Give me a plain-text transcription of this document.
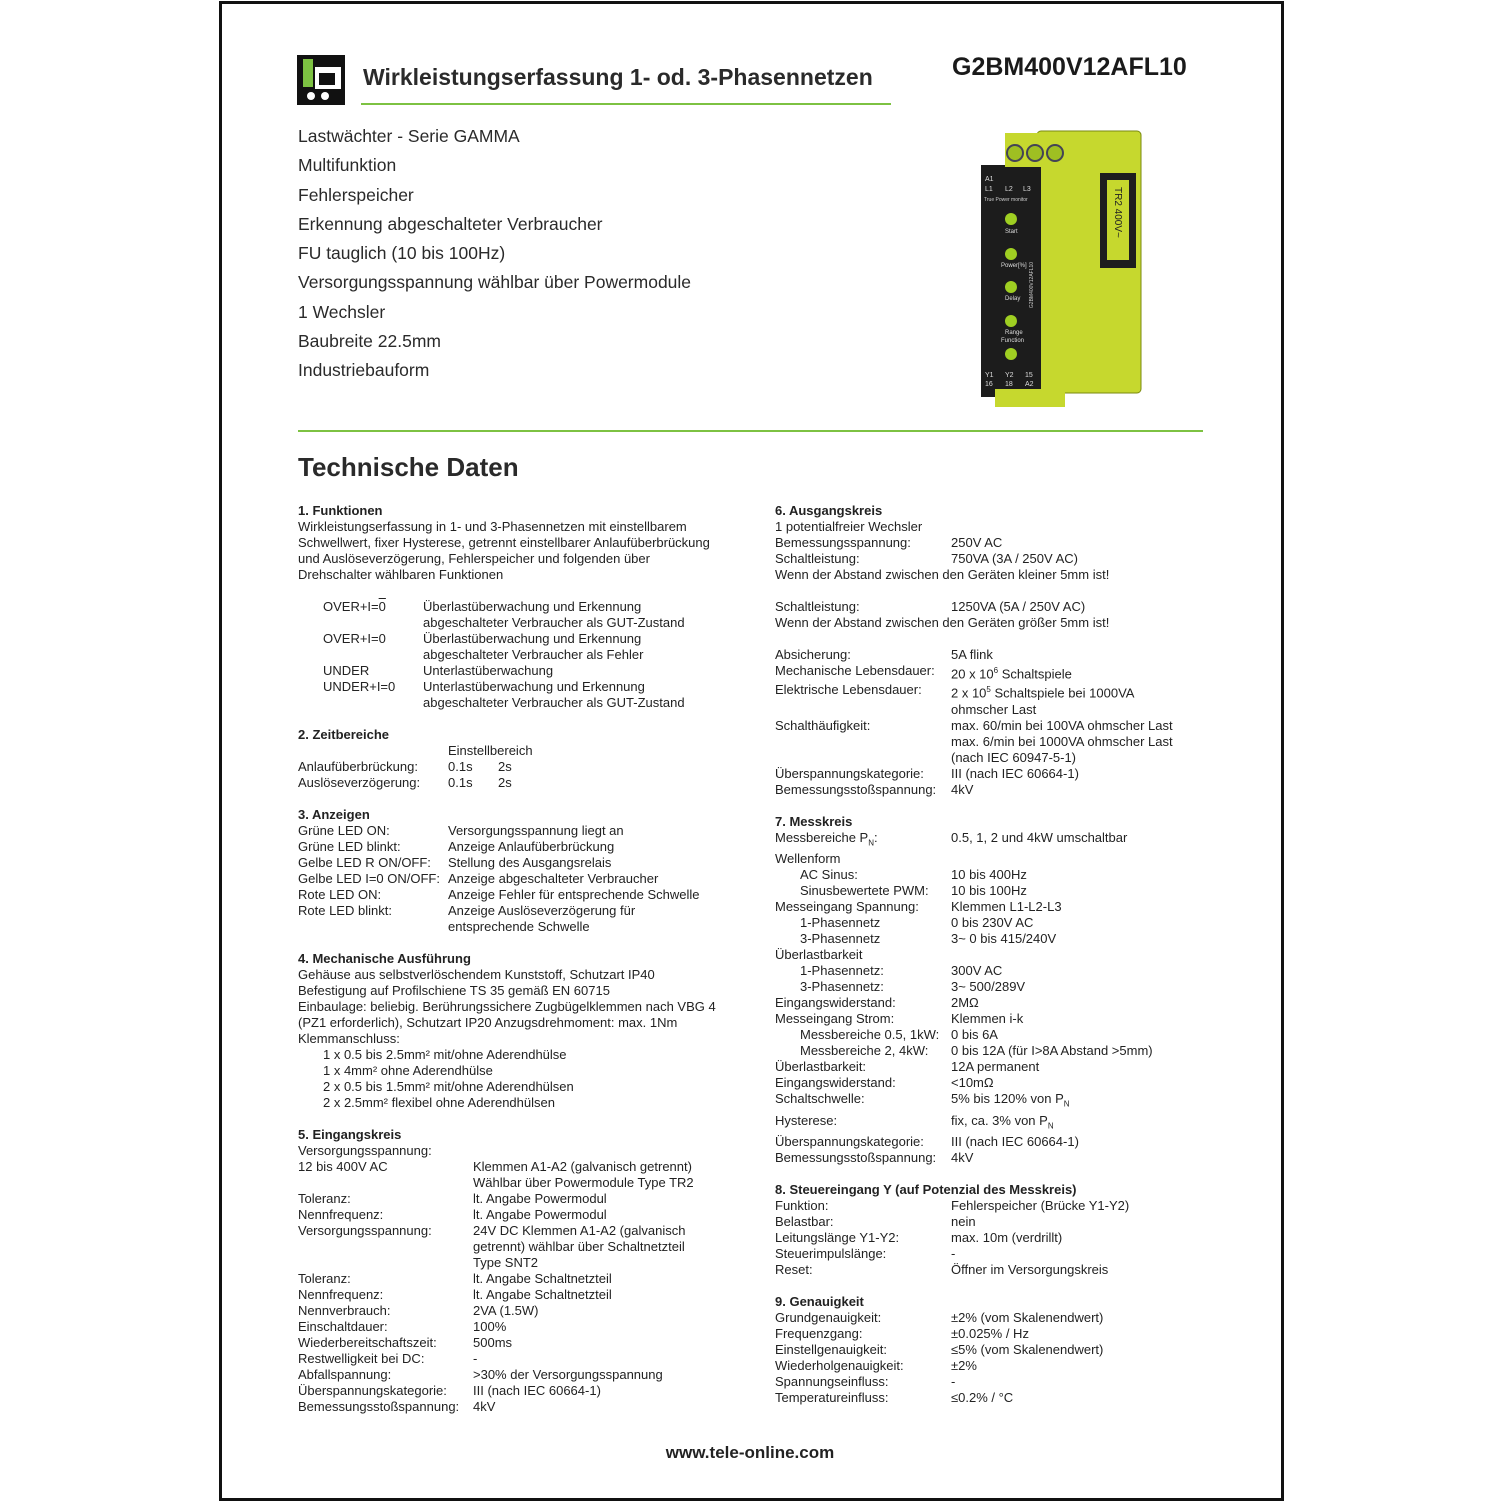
Wirkleistungserfassung 1- od. 3-Phasennetzen	G2BM400V12AFL10
Lastwächter - Serie GAMMA
Multifunktion
Fehlerspeicher
Erkennung abgeschalteter Verbraucher
FU tauglich (10 bis 100Hz)
Versorgungsspannung wählbar über Powermodule
1 Wechsler
Baubreite 22.5mm
Industriebauform
TR2 400V~
A1
L1 L2 L3
True Power monitor
Start
Power[%]
Delay
Range
Function
G2BM400V12AFL10
Y1 Y2 15
16 18 A2
Technische Daten

1. Funktionen

Wirkleistungserfassung in 1- und 3-Phasennetzen mit einstellbarem Schwellwert, fixer Hysterese, getrennt einstellbarer Anlaufüberbrückung und Auslöseverzögerung, Fehlerspeicher und folgenden über Drehschalter wählbaren Funktionen

OVER+I=0	Überlastüberwachung und Erkennung abgeschalteter Verbraucher als GUT-Zustand
OVER+I=0	Überlastüberwachung und Erkennung abgeschalteter Verbraucher als Fehler
UNDER	Unterlastüberwachung
UNDER+I=0	Unterlastüberwachung und Erkennung abgeschalteter Verbraucher als GUT-Zustand

2. Zeitbereiche

Einstellbereich
Anlaufüberbrückung:	0.1s	2s
Auslöseverzögerung:	0.1s	2s

3. Anzeigen

Grüne LED ON:	Versorgungsspannung liegt an
Grüne LED blinkt:	Anzeige Anlaufüberbrückung
Gelbe LED R ON/OFF:	Stellung des Ausgangsrelais
Gelbe LED I=0 ON/OFF: Anzeige abgeschalteter Verbraucher
Rote LED ON:	Anzeige Fehler für entsprechende Schwelle
Rote LED blinkt:	Anzeige Auslöseverzögerung für entsprechende Schwelle

4. Mechanische Ausführung

Gehäuse aus selbstverlöschendem Kunststoff, Schutzart IP40

Befestigung auf Profilschiene TS 35 gemäß EN 60715

Einbaulage: beliebig. Berührungssichere Zugbügelklemmen nach VBG 4 (PZ1 erforderlich), Schutzart IP20 Anzugsdrehmoment: max. 1Nm

Klemmanschluss:

1 x 0.5 bis 2.5mm² mit/ohne Aderendhülse

1 x 4mm² ohne Aderendhülse

2 x 0.5 bis 1.5mm² mit/ohne Aderendhülsen

2 x 2.5mm² flexibel ohne Aderendhülsen

5. Eingangskreis

Versorgungsspannung:

12 bis 400V AC	Klemmen A1-A2 (galvanisch getrennt) Wählbar über Powermodule Type TR2
Toleranz:	lt. Angabe Powermodul
Nennfrequenz:	lt. Angabe Powermodul
Versorgungsspannung:	24V DC Klemmen A1-A2 (galvanisch getrennt) wählbar über Schaltnetzteil Type SNT2
Toleranz:	lt. Angabe Schaltnetzteil
Nennfrequenz:	lt. Angabe Schaltnetzteil
Nennverbrauch:	2VA (1.5W)
Einschaltdauer:	100%
Wiederbereitschaftszeit:	500ms
Restwelligkeit bei DC:	-
Abfallspannung:	>30% der Versorgungsspannung
Überspannungskategorie:	III (nach IEC 60664-1)
Bemessungsstoßspannung:	4kV

6. Ausgangskreis

1 potentialfreier Wechsler

Bemessungsspannung:	250V AC
Schaltleistung:	750VA (3A / 250V AC)

Wenn der Abstand zwischen den Geräten kleiner 5mm ist!

Schaltleistung:	1250VA (5A / 250V AC)

Wenn der Abstand zwischen den Geräten größer 5mm ist!

Absicherung:	5A flink
Mechanische Lebensdauer:	20 x $10^6$ Schaltspiele
Elektrische Lebensdauer:	2 x $10^5$ Schaltspiele bei 1000VA ohmscher Last
Schalthäufigkeit:	max. 60/min bei 100VA ohmscher Last max. 6/min bei 1000VA ohmscher Last (nach IEC 60947-5-1)
Überspannungskategorie:	III (nach IEC 60664-1)
Bemessungsstoßspannung:	4kV

7. Messkreis

Messbereiche $P_N$:	0.5, 1, 2 und 4kW umschaltbar

Wellenform

AC Sinus:	10 bis 400Hz
Sinusbewertete PWM:	10 bis 100Hz
Messeingang Spannung:	Klemmen L1-L2-L3
1-Phasennetz	0 bis 230V AC
3-Phasennetz	3~ 0 bis 415/240V

Überlastbarkeit

1-Phasennetz:	300V AC
3-Phasennetz:	3~ 500/289V
Eingangswiderstand:	2MΩ
Messeingang Strom:	Klemmen i-k
Messbereiche 0.5, 1kW: 0 bis 6A
Messbereiche 2, 4kW:	0 bis 12A (für I>8A Abstand >5mm)
Überlastbarkeit:	12A permanent
Eingangswiderstand:	<10mΩ
Schaltschwelle:	5% bis 120% von $P_N$
Hysterese:	fix, ca. 3% von $P_N$
Überspannungskategorie:	III (nach IEC 60664-1)
Bemessungsstoßspannung:	4kV

8. Steuereingang Y (auf Potenzial des Messkreis)

Funktion:	Fehlerspeicher (Brücke Y1-Y2)
Belastbar:	nein
Leitungslänge Y1-Y2:	max. 10m (verdrillt)
Steuerimpulslänge:	-
Reset:	Öffner im Versorgungskreis

9. Genauigkeit

Grundgenauigkeit:	±2% (vom Skalenendwert)
Frequenzgang:	±0.025% / Hz
Einstellgenauigkeit:	≤5% (vom Skalenendwert)
Wiederholgenauigkeit:	±2%
Spannungseinfluss:	-
Temperatureinfluss:	≤0.2% / °C
www.tele-online.com
